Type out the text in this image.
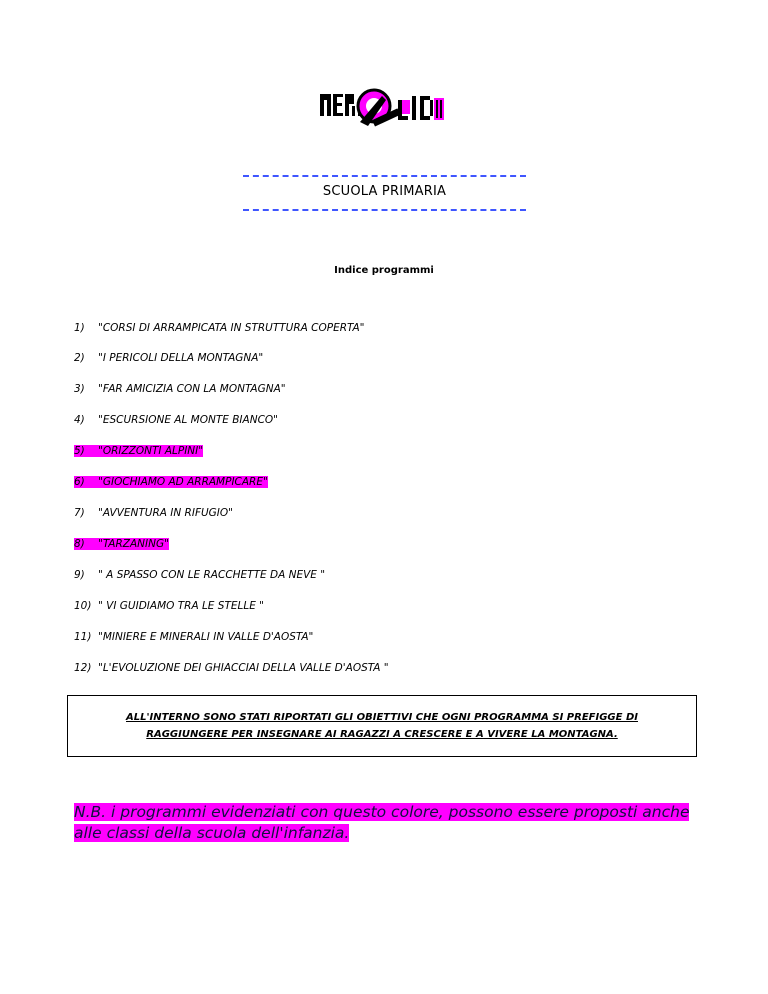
SCUOLA PRIMARIA
Indice programmi
1) "CORSI DI ARRAMPICATA IN STRUTTURA COPERTA"
2) "I PERICOLI DELLA MONTAGNA"
3) "FAR AMICIZIA CON LA MONTAGNA"
4) "ESCURSIONE AL MONTE BIANCO"
5) "ORIZZONTI ALPINI"
6) "GIOCHIAMO AD ARRAMPICARE"
7) "AVVENTURA IN RIFUGIO"
8) "TARZANING"
9) " A SPASSO CON LE RACCHETTE DA NEVE "
10) " VI GUIDIAMO TRA LE STELLE "
11) "MINIERE E MINERALI IN VALLE D'AOSTA"
12) "L'EVOLUZIONE DEI GHIACCIAI DELLA VALLE D'AOSTA "
ALL'INTERNO SONO STATI RIPORTATI GLI OBIETTIVI CHE OGNI PROGRAMMA SI PREFIGGE DI
RAGGIUNGERE PER INSEGNARE AI RAGAZZI A CRESCERE E A VIVERE LA MONTAGNA.
N.B. i programmi evidenziati con questo colore, possono essere proposti anche
alle classi della scuola dell'infanzia.
